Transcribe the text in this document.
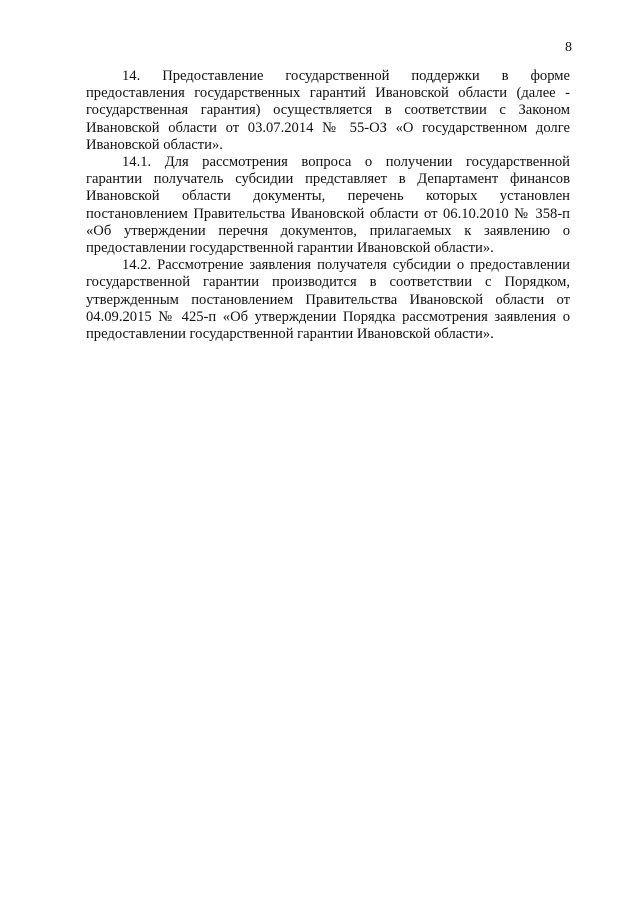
8

14. Предоставление государственной поддержки в форме предоставления государственных гарантий Ивановской области (далее - государственная гарантия) осуществляется в соответствии с Законом Ивановской области от 03.07.2014 № 55-ОЗ «О государственном долге Ивановской области».

14.1. Для рассмотрения вопроса о получении государственной гарантии получатель субсидии представляет в Департамент финансов Ивановской области документы, перечень которых установлен постановлением Правительства Ивановской области от 06.10.2010 № 358-п «Об утверждении перечня документов, прилагаемых к заявлению о предоставлении государственной гарантии Ивановской области».

14.2. Рассмотрение заявления получателя субсидии о предоставлении государственной гарантии производится в соответствии с Порядком, утвержденным постановлением Правительства Ивановской области от 04.09.2015 № 425-п «Об утверждении Порядка рассмотрения заявления о предоставлении государственной гарантии Ивановской области».
